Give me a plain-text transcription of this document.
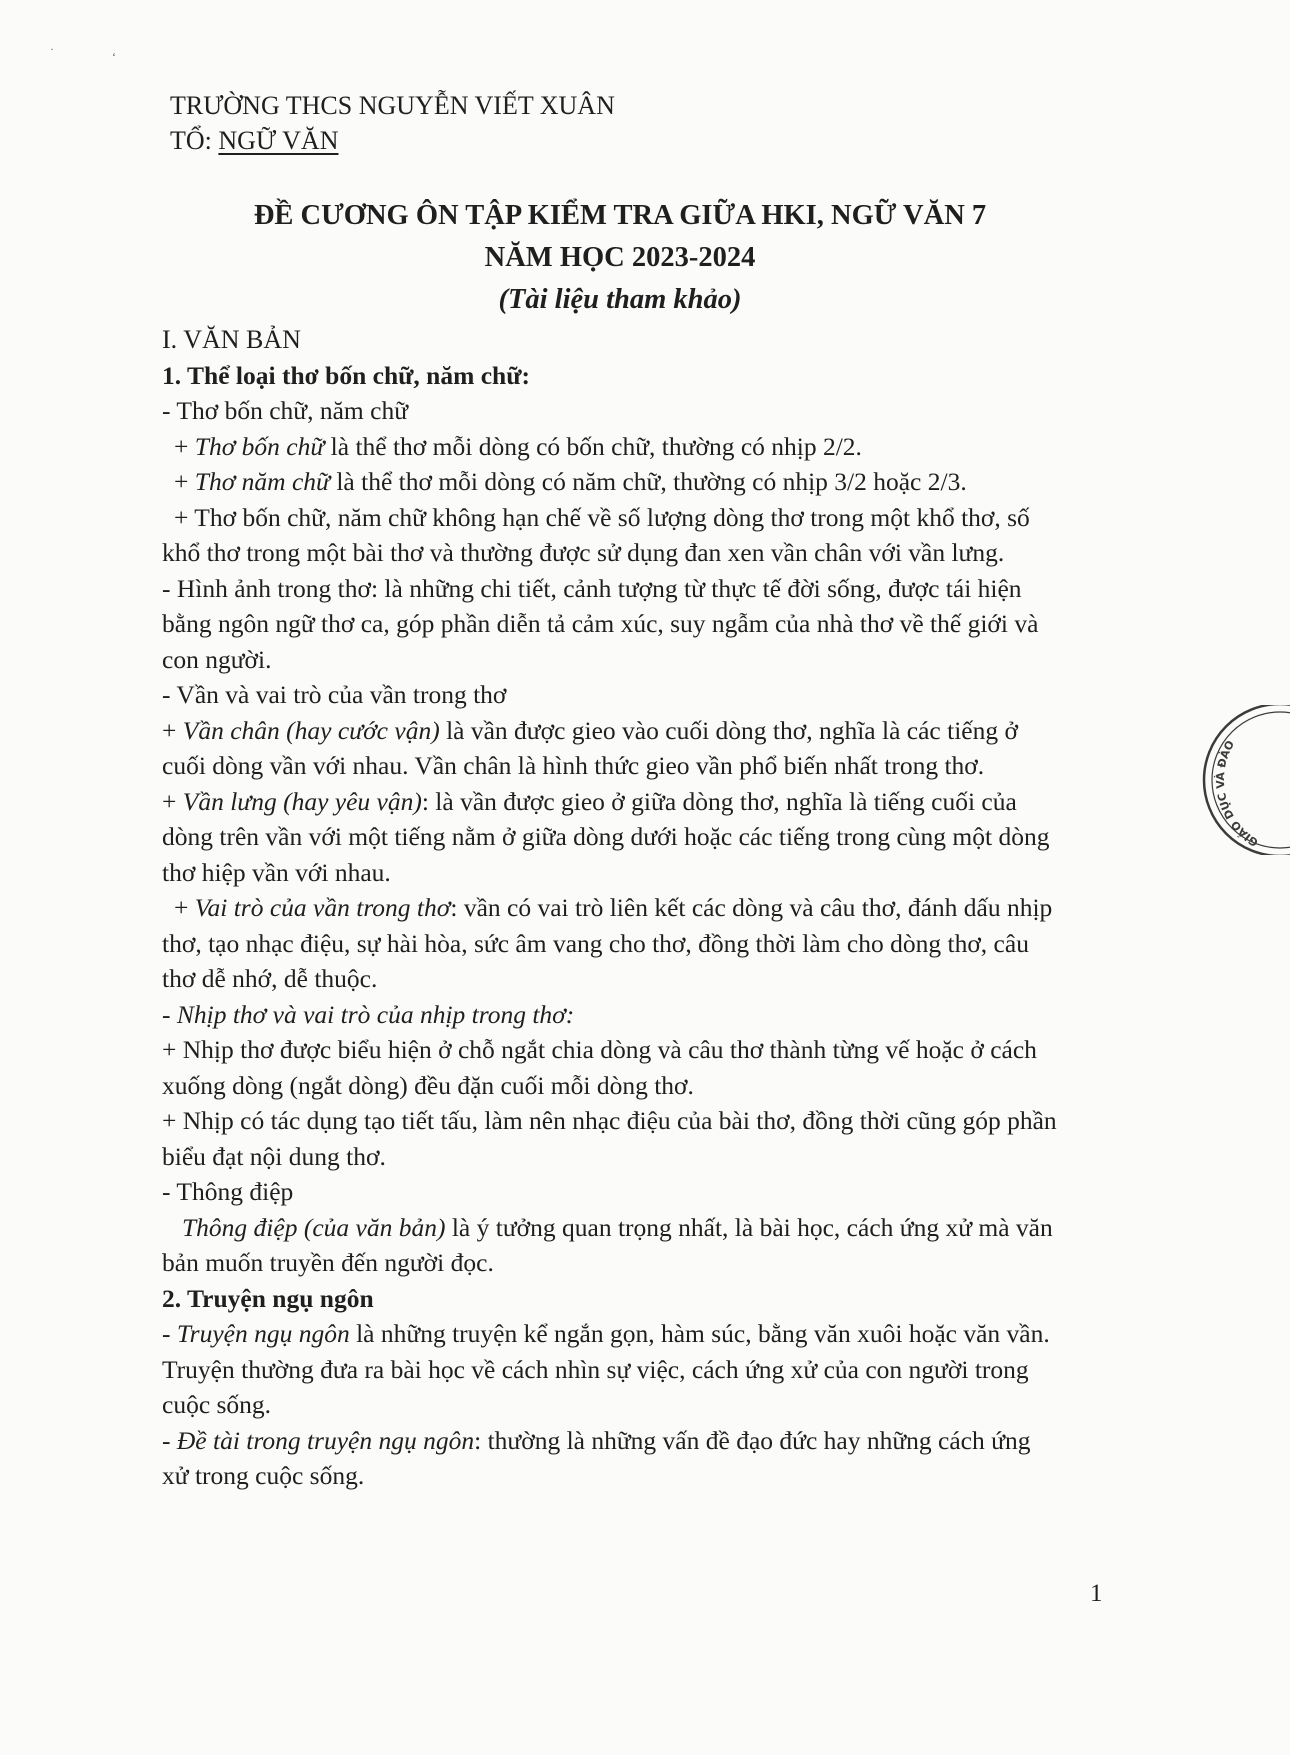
·
‘
TRƯỜNG THCS NGUYỄN VIẾT XUÂN
TỔ: NGỮ VĂN
ĐỀ CƯƠNG ÔN TẬP KIỂM TRA GIỮA HKI, NGỮ VĂN 7
NĂM HỌC 2023-2024
(Tài liệu tham khảo)

I. VĂN BẢN

1. Thể loại thơ bốn chữ, năm chữ:

- Thơ bốn chữ, năm chữ

+ Thơ bốn chữ là thể thơ mỗi dòng có bốn chữ, thường có nhịp 2/2.

+ Thơ năm chữ là thể thơ mỗi dòng có năm chữ, thường có nhịp 3/2 hoặc 2/3.

+ Thơ bốn chữ, năm chữ không hạn chế về số lượng dòng thơ trong một khổ thơ, số

khổ thơ trong một bài thơ và thường được sử dụng đan xen vần chân với vần lưng.

- Hình ảnh trong thơ: là những chi tiết, cảnh tượng từ thực tế đời sống, được tái hiện

bằng ngôn ngữ thơ ca, góp phần diễn tả cảm xúc, suy ngẫm của nhà thơ về thế giới và

con người.

- Vần và vai trò của vần trong thơ

+ Vần chân (hay cước vận) là vần được gieo vào cuối dòng thơ, nghĩa là các tiếng ở

cuối dòng vần với nhau. Vần chân là hình thức gieo vần phổ biến nhất trong thơ.

+ Vần lưng (hay yêu vận): là vần được gieo ở giữa dòng thơ, nghĩa là tiếng cuối của

dòng trên vần với một tiếng nằm ở giữa dòng dưới hoặc các tiếng trong cùng một dòng

thơ hiệp vần với nhau.

+ Vai trò của vần trong thơ: vần có vai trò liên kết các dòng và câu thơ, đánh dấu nhịp

thơ, tạo nhạc điệu, sự hài hòa, sức âm vang cho thơ, đồng thời làm cho dòng thơ, câu

thơ dễ nhớ, dễ thuộc.

- Nhịp thơ và vai trò của nhịp trong thơ:

+ Nhịp thơ được biểu hiện ở chỗ ngắt chia dòng và câu thơ thành từng vế hoặc ở cách

xuống dòng (ngắt dòng) đều đặn cuối mỗi dòng thơ.

+ Nhịp có tác dụng tạo tiết tấu, làm nên nhạc điệu của bài thơ, đồng thời cũng góp phần

biểu đạt nội dung thơ.

- Thông điệp

Thông điệp (của văn bản) là ý tưởng quan trọng nhất, là bài học, cách ứng xử mà văn

bản muốn truyền đến người đọc.

2. Truyện ngụ ngôn

- Truyện ngụ ngôn là những truyện kể ngắn gọn, hàm súc, bằng văn xuôi hoặc văn vần.

Truyện thường đưa ra bài học về cách nhìn sự việc, cách ứng xử của con người trong

cuộc sống.

- Đề tài trong truyện ngụ ngôn: thường là những vấn đề đạo đức hay những cách ứng

xử trong cuộc sống.

1
GIÁO DỤC VÀ ĐÀO
